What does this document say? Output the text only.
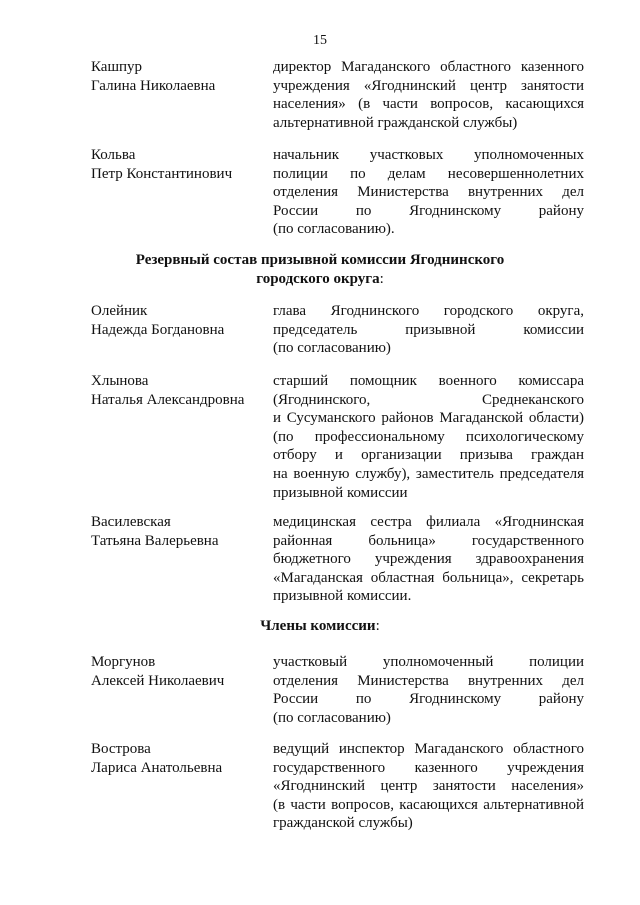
15
Кашпур
Галина Николаевна
директор Магаданского областного казенного
учреждения «Ягоднинский центр занятости
населения» (в части вопросов, касающихся
альтернативной гражданской службы)
Кольва
Петр Константинович
начальник участковых уполномоченных
полиции по делам несовершеннолетних
отделения Министерства внутренних дел
России по Ягоднинскому району
(по согласованию).
Резервный состав призывной комиссии Ягоднинского
городского округа:
Олейник
Надежда Богдановна
глава Ягоднинского городского округа,
председатель призывной комиссии
(по согласованию)
Хлынова
Наталья Александровна
старший помощник военного комиссара
(Ягоднинского, Среднеканского
и Сусуманского районов Магаданской области)
(по профессиональному психологическому
отбору и организации призыва граждан
на военную службу), заместитель председателя
призывной комиссии
Василевская
Татьяна Валерьевна
медицинская сестра филиала «Ягоднинская
районная больница» государственного
бюджетного учреждения здравоохранения
«Магаданская областная больница», секретарь
призывной комиссии.
Члены комиссии:
Моргунов
Алексей Николаевич
участковый уполномоченный полиции
отделения Министерства внутренних дел
России по Ягоднинскому району
(по согласованию)
Вострова
Лариса Анатольевна
ведущий инспектор Магаданского областного
государственного казенного учреждения
«Ягоднинский центр занятости населения»
(в части вопросов, касающихся альтернативной
гражданской службы)
